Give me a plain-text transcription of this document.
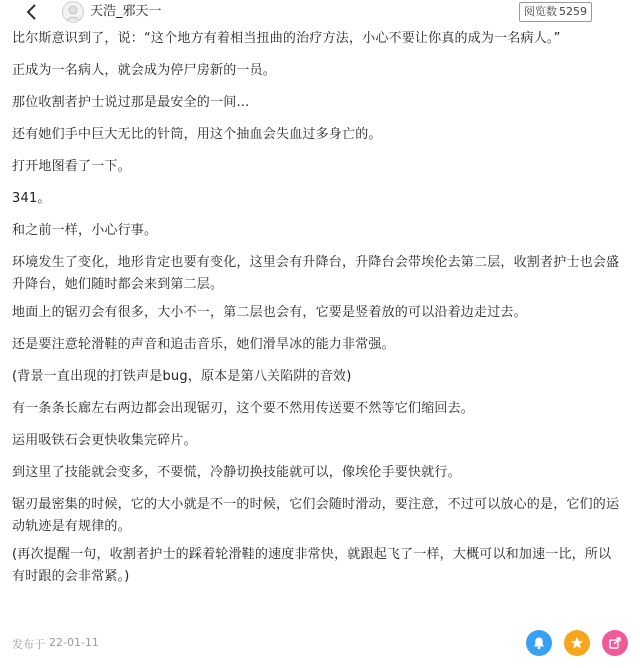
天浩_邪天一	阅览数 5259

比尔斯意识到了，说：“这个地方有着相当扭曲的治疗方法，小心不要让你真的成为一名病人。”

正成为一名病人，就会成为停尸房新的一员。

那位收割者护士说过那是最安全的一间…

还有她们手中巨大无比的针筒，用这个抽血会失血过多身亡的。

打开地图看了一下。

341。

和之前一样，小心行事。

环境发生了变化，地形肯定也要有变化，这里会有升降台，升降台会带埃伦去第二层，收割者护士也会盛升降台，她们随时都会来到第二层。

地面上的锯刃会有很多，大小不一，第二层也会有，它要是竖着放的可以沿着边走过去。

还是要注意轮滑鞋的声音和追击音乐，她们滑旱冰的能力非常强。

(背景一直出现的打铁声是bug，原本是第八关陷阱的音效)

有一条条长廊左右两边都会出现锯刃，这个要不然用传送要不然等它们缩回去。

运用吸铁石会更快收集完碎片。

到这里了技能就会变多，不要慌，冷静切换技能就可以，像埃伦手要快就行。

锯刃最密集的时候，它的大小就是不一的时候，它们会随时滑动，要注意，不过可以放心的是，它们的运动轨迹是有规律的。

(再次提醒一句，收割者护士的踩着轮滑鞋的速度非常快，就跟起飞了一样，大概可以和加速一比，所以有时跟的会非常紧。)

发布于 22-01-11
